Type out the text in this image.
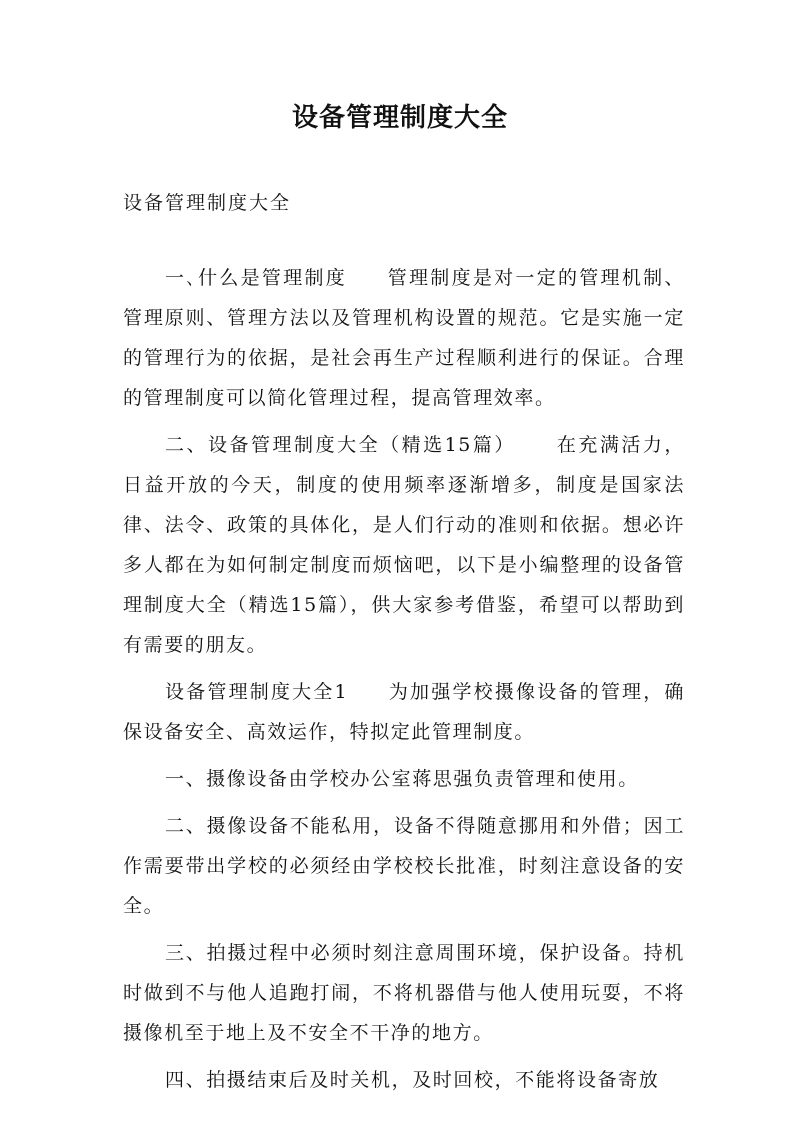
设备管理制度大全

设备管理制度大全

一､什么是管理制度 管理制度是对一定的管理机制、管理原则、管理方法以及管理机构设置的规范。它是实施一定的管理行为的依据，是社会再生产过程顺利进行的保证。合理的管理制度可以简化管理过程，提高管理效率。

二、设备管理制度大全（精选15篇） 在充满活力，日益开放的今天，制度的使用频率逐渐增多，制度是国家法律、法令、政策的具体化，是人们行动的准则和依据。想必许多人都在为如何制定制度而烦恼吧，以下是小编整理的设备管理制度大全（精选15篇），供大家参考借鉴，希望可以帮助到有需要的朋友。

设备管理制度大全1 为加强学校摄像设备的管理，确保设备安全、高效运作，特拟定此管理制度。

一、摄像设备由学校办公室蒋思强负责管理和使用。

二、摄像设备不能私用，设备不得随意挪用和外借；因工作需要带出学校的必须经由学校校长批准，时刻注意设备的安全。

三、拍摄过程中必须时刻注意周围环境，保护设备。持机时做到不与他人追跑打闹，不将机器借与他人使用玩耍，不将摄像机至于地上及不安全不干净的地方。

四、拍摄结束后及时关机，及时回校，不能将设备寄放
